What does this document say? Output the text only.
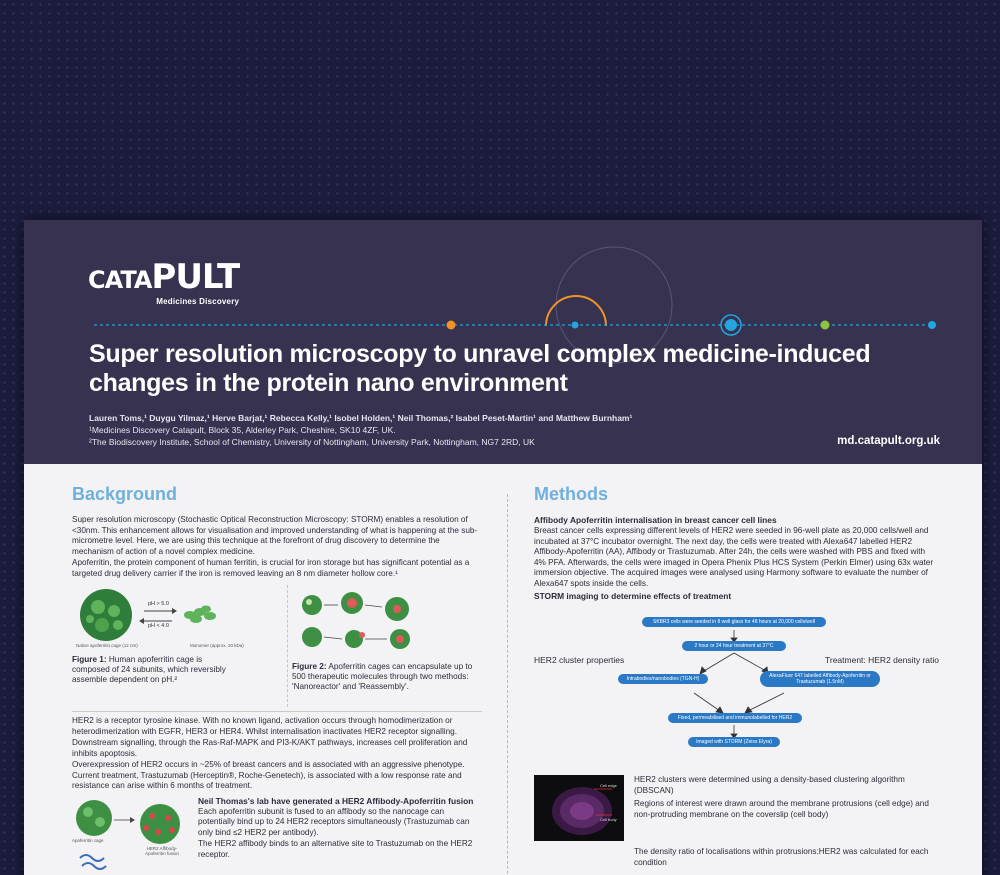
CATAPULT
Medicines Discovery
Super resolution microscopy to unravel complex medicine-induced changes in the protein nano environment
Lauren Toms,¹ Duygu Yilmaz,¹ Herve Barjat,¹ Rebecca Kelly,¹ Isobel Holden,¹ Neil Thomas,² Isabel Peset-Martin¹ and Matthew Burnham¹
¹Medicines Discovery Catapult, Block 35, Alderley Park, Cheshire, SK10 4ZF, UK.
²The Biodiscovery Institute, School of Chemistry, University of Nottingham, University Park, Nottingham, NG7 2RD, UK	md.catapult.org.uk
Background
Super resolution microscopy (Stochastic Optical Reconstruction Microscopy: STORM) enables a resolution of <30nm. This enhancement allows for visualisation and improved understanding of what is happening at the sub-micrometre level. Here, we are using this technique at the forefront of drug discovery to determine the mechanism of action of a novel complex medicine.
Apoferritin, the protein component of human ferritin, is crucial for iron storage but has significant potential as a targeted drug delivery carrier if the iron is removed leaving an 8 nm diameter hollow core.¹
pH > 5.0
pH < 4.0
Native apoferritin cage (12 nm)	Monomer (approx. 20 kDa)
Figure 1: Human apoferritin cage is composed of 24 subunits, which reversibly assemble dependent on pH.²
Figure 2: Apoferritin cages can encapsulate up to 500 therapeutic molecules through two methods: 'Nanoreactor' and 'Reassembly'.
HER2 is a receptor tyrosine kinase. With no known ligand, activation occurs through homodimerization or heterodimerization with EGFR, HER3 or HER4. Whilst internalisation inactivates HER2 receptor signalling.
Downstream signalling, through the Ras-Raf-MAPK and PI3-K/AKT pathways, increases cell proliferation and inhibits apoptosis.
Overexpression of HER2 occurs in ~25% of breast cancers and is associated with an aggressive phenotype. Current treatment, Trastuzumab (Herceptin®, Roche-Genetech), is associated with a low response rate and resistance can arise within 6 months of treatment.
Apoferritin cage
HER2 Affibody-Apoferritin fusion
Neil Thomas's lab have generated a HER2 Affibody-Apoferritin fusion
Each apoferritin subunit is fused to an affibody so the nanocage can potentially bind up to 24 HER2 receptors simultaneously (Trastuzumab can only bind ≤2 HER2 per antibody).
The HER2 affibody binds to an alternative site to Trastuzumab on the HER2 receptor.
Methods
Affibody Apoferritin internalisation in breast cancer cell lines
Breast cancer cells expressing different levels of HER2 were seeded in 96-well plate as 20,000 cells/well and incubated at 37°C incubator overnight. The next day, the cells were treated with Alexa647 labelled HER2 Affibody-Apoferritin (AA), Affibody or Trastuzumab. After 24h, the cells were washed with PBS and fixed with 4% PFA. Afterwards, the cells were imaged in Opera Phenix Plus HCS System (Perkin Elmer) using 63x water immersion objective. The acquired images were analysed using Harmony software to evaluate the number of Alexa647 spots inside the cells.
STORM imaging to determine effects of treatment
SKBR3 cells were seeded in 8 well glass for 48 hours at 20,000 cells/well
2 hour or 24 hour treatment at 37°C
Intrabodies/nanobodies (TGN-H)	AlexaFluor 647 labelled Affibody-Apoferritin or Trastuzumab (1.5nM)
Fixed, permeabilised and immunolabelled for HER2
Imaged with STORM (Zeiss Elyra)
HER2 cluster properties	Treatment: HER2 density ratio
Cell edge
Cell body
HER2 clusters were determined using a density-based clustering algorithm (DBSCAN)
Regions of interest were drawn around the membrane protrusions (cell edge) and non-protruding membrane on the coverslip (cell body)
The density ratio of localisations within protrusions:HER2 was calculated for each condition
